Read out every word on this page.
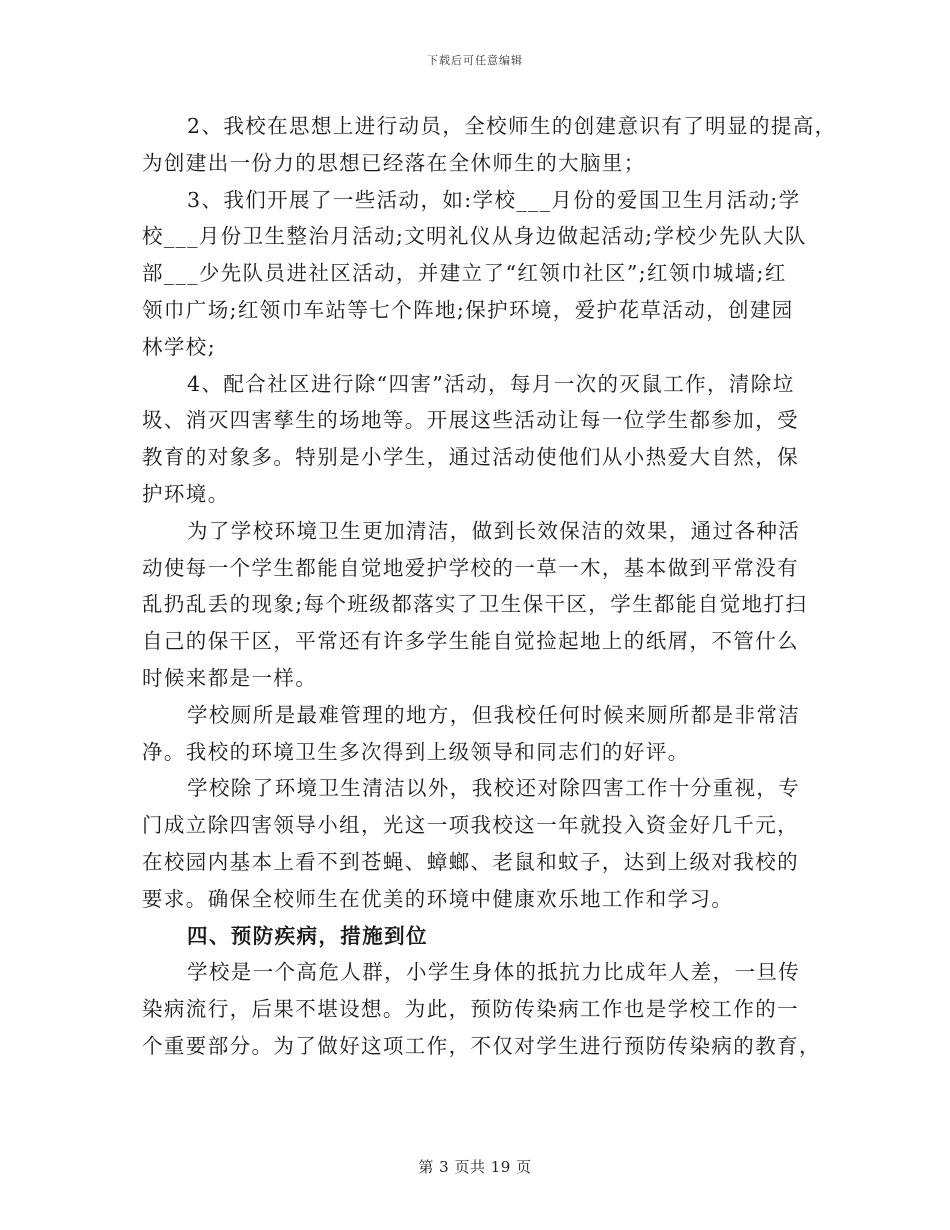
下载后可任意编辑

2、我校在思想上进行动员，全校师生的创建意识有了明显的提高，
为创建出一份力的思想已经落在全休师生的大脑里；

3、我们开展了一些活动，如:学校___月份的爱国卫生月活动;学
校___月份卫生整治月活动;文明礼仪从身边做起活动;学校少先队大队
部___少先队员进社区活动，并建立了“红领巾社区”;红领巾城墙;红
领巾广场;红领巾车站等七个阵地;保护环境，爱护花草活动，创建园
林学校;

4、配合社区进行除“四害”活动，每月一次的灭鼠工作，清除垃
圾、消灭四害孳生的场地等。开展这些活动让每一位学生都参加，受
教育的对象多。特别是小学生，通过活动使他们从小热爱大自然，保
护环境。

为了学校环境卫生更加清洁，做到长效保洁的效果，通过各种活
动使每一个学生都能自觉地爱护学校的一草一木，基本做到平常没有
乱扔乱丢的现象;每个班级都落实了卫生保干区，学生都能自觉地打扫
自己的保干区，平常还有许多学生能自觉捡起地上的纸屑，不管什么
时候来都是一样。

学校厕所是最难管理的地方，但我校任何时候来厕所都是非常洁
净。我校的环境卫生多次得到上级领导和同志们的好评。

学校除了环境卫生清洁以外，我校还对除四害工作十分重视，专
门成立除四害领导小组，光这一项我校这一年就投入资金好几千元，
在校园内基本上看不到苍蝇、蟑螂、老鼠和蚊子，达到上级对我校的
要求。确保全校师生在优美的环境中健康欢乐地工作和学习。

四、预防疾病，措施到位

学校是一个高危人群，小学生身体的抵抗力比成年人差，一旦传
染病流行，后果不堪设想。为此，预防传染病工作也是学校工作的一
个重要部分。为了做好这项工作，不仅对学生进行预防传染病的教育，

第 3 页共 19 页
